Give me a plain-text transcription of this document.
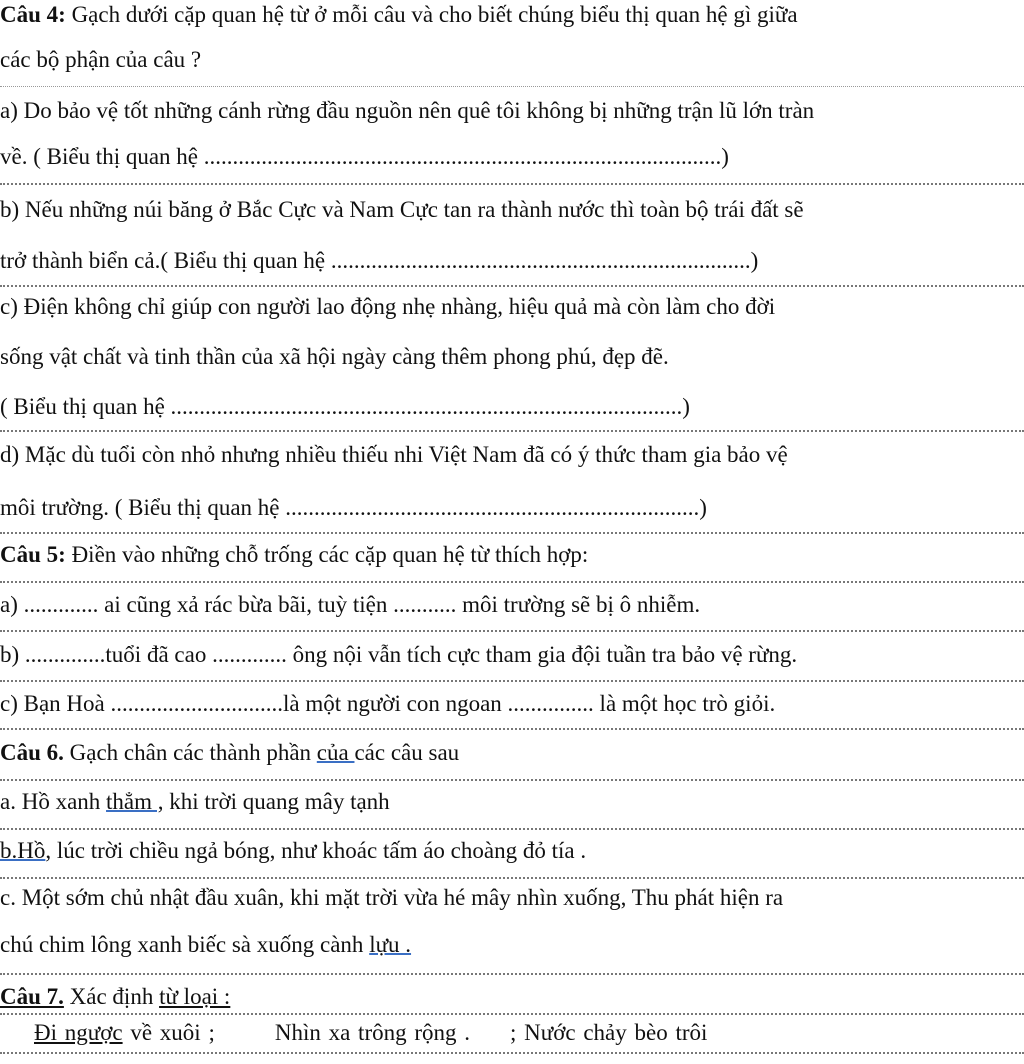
Câu 4: Gạch dưới cặp quan hệ từ ở mỗi câu và cho biết chúng biểu thị quan hệ gì giữa
các bộ phận của câu ?
a) Do bảo vệ tốt những cánh rừng đầu nguồn nên quê tôi không bị những trận lũ lớn tràn
về. ( Biểu thị quan hệ ..........................................................................................)
b) Nếu những núi băng ở Bắc Cực và Nam Cực tan ra thành nước thì toàn bộ trái đất sẽ
trở thành biển cả.( Biểu thị quan hệ .........................................................................)
c) Điện không chỉ giúp con người lao động nhẹ nhàng, hiệu quả mà còn làm cho đời
sống vật chất và tinh thần của xã hội ngày càng thêm phong phú, đẹp đẽ.
( Biểu thị quan hệ .........................................................................................)
d) Mặc dù tuổi còn nhỏ nhưng nhiều thiếu nhi Việt Nam đã có ý thức tham gia bảo vệ
môi trường. ( Biểu thị quan hệ ........................................................................)
Câu 5: Điền vào những chỗ trống các cặp quan hệ từ thích hợp:
a) ............. ai cũng xả rác bừa bãi, tuỳ tiện ........... môi trường sẽ bị ô nhiễm.
b) ..............tuổi đã cao ............. ông nội vẫn tích cực tham gia đội tuần tra bảo vệ rừng.
c) Bạn Hoà ..............................là một người con ngoan ............... là một học trò giỏi.
Câu 6. Gạch chân các thành phần của các câu sau
a. Hồ xanh thẳm , khi trời quang mây tạnh
b.Hồ, lúc trời chiều ngả bóng, như khoác tấm áo choàng đỏ tía .
c. Một sớm chủ nhật đầu xuân, khi mặt trời vừa hé mây nhìn xuống, Thu phát hiện ra
chú chim lông xanh biếc sà xuống cành lựu .
Câu 7. Xác định từ loại :
Đi ngược về xuôi ;	Nhìn xa trông rộng . ; Nước chảy bèo trôi
